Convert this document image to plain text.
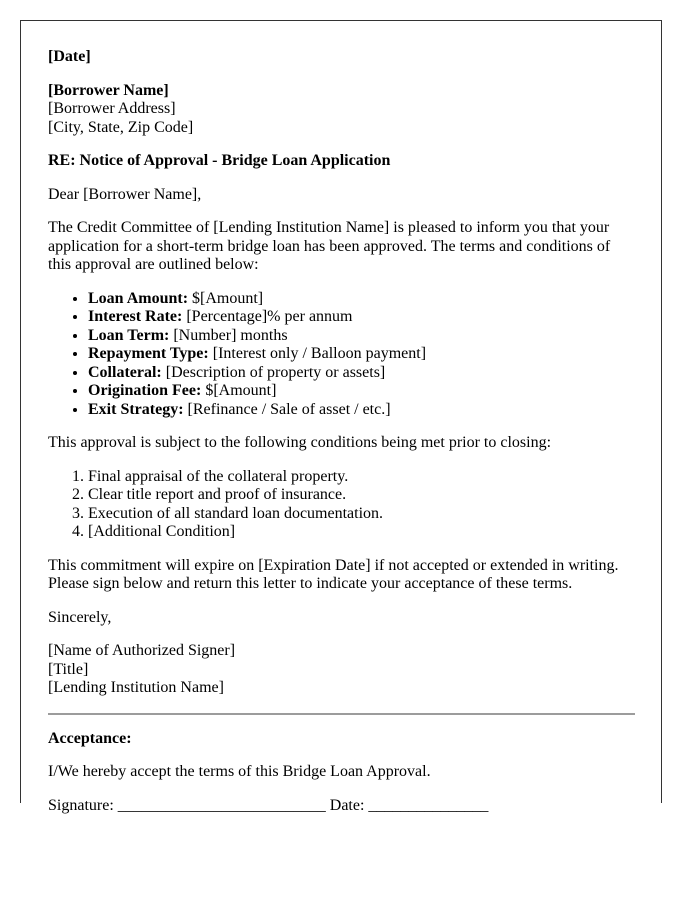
[Date]

[Borrower Name]
[Borrower Address]
[City, State, Zip Code]

RE: Notice of Approval - Bridge Loan Application

Dear [Borrower Name],

The Credit Committee of [Lending Institution Name] is pleased to inform you that your application for a short-term bridge loan has been approved. The terms and conditions of this approval are outlined below:

• Loan Amount: $[Amount]
• Interest Rate: [Percentage]% per annum
• Loan Term: [Number] months
• Repayment Type: [Interest only / Balloon payment]
• Collateral: [Description of property or assets]
• Origination Fee: $[Amount]
• Exit Strategy: [Refinance / Sale of asset / etc.]

This approval is subject to the following conditions being met prior to closing:

1. Final appraisal of the collateral property.
2. Clear title report and proof of insurance.
3. Execution of all standard loan documentation.
4. [Additional Condition]

This commitment will expire on [Expiration Date] if not accepted or extended in writing. Please sign below and return this letter to indicate your acceptance of these terms.

Sincerely,

[Name of Authorized Signer]
[Title]
[Lending Institution Name]

Acceptance:

I/We hereby accept the terms of this Bridge Loan Approval.

Signature: __________________________ Date: _______________
